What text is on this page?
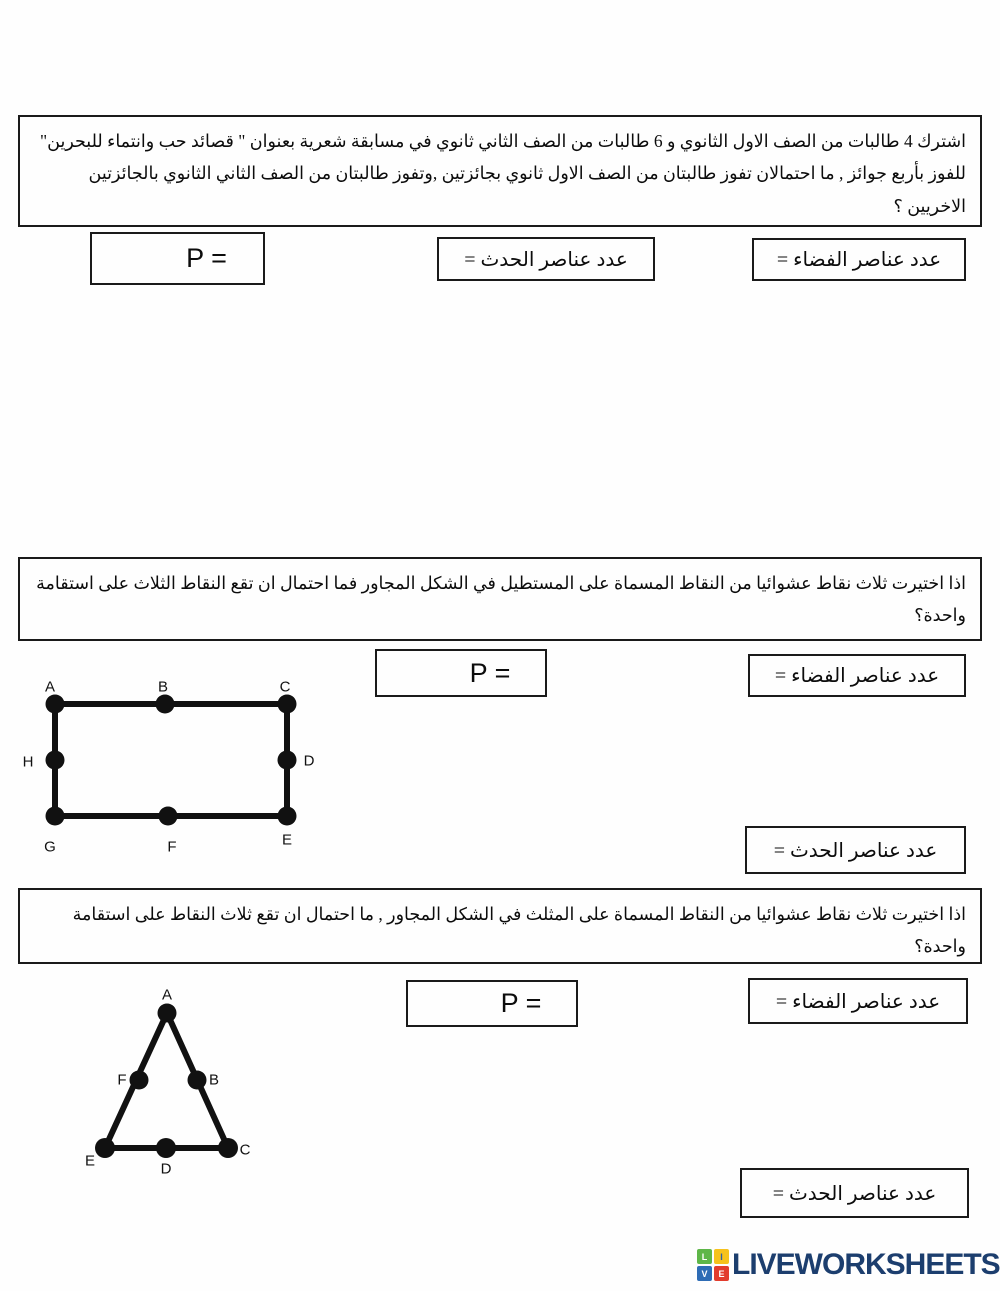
اشترك 4 طالبات من الصف الاول الثانوي و 6 طالبات من الصف الثاني ثانوي في مسابقة شعرية بعنوان " قصائد حب وانتماء للبحرين" للفوز بأربع جوائز , ما احتمالان تفوز طالبتان من الصف الاول ثانوي بجائزتين ,وتفوز طالبتان من الصف الثاني الثانوي بالجائزتين الاخريين ؟
P =	عدد عناصر الحدث =	عدد عناصر الفضاء =
اذا اختيرت ثلاث نقاط عشوائيا من النقاط المسماة على المستطيل في الشكل المجاور فما احتمال ان تقع النقاط الثلاث على استقامة واحدة؟
P =	عدد عناصر الفضاء =
A	B	C
D
E
F
G
H
عدد عناصر الحدث =
اذا اختيرت ثلاث نقاط عشوائيا من النقاط المسماة على المثلث في الشكل المجاور , ما احتمال ان تقع ثلاث النقاط على استقامة واحدة؟
P =	عدد عناصر الفضاء =
A
B
C
D
E
F
عدد عناصر الحدث =
L	I
V	E LIVEWORKSHEETS
